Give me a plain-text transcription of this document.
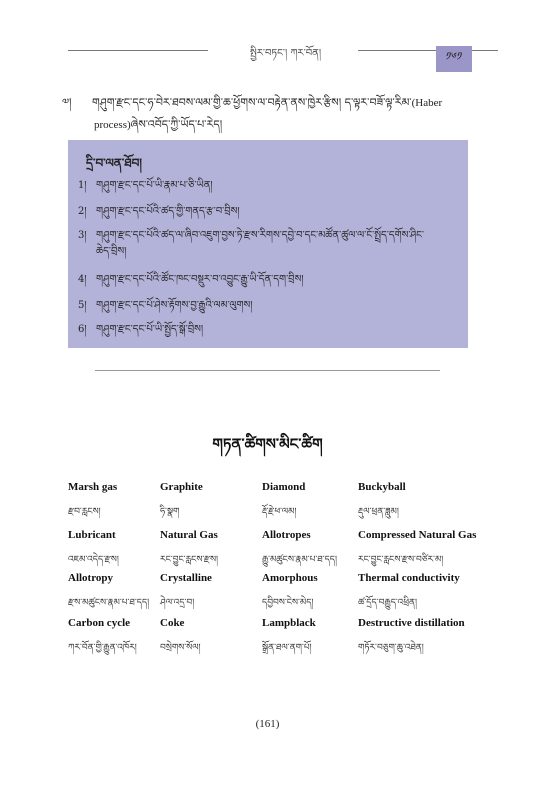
སྤྱིར་བཏང་། ཀར་བོན།	༡༦༡
༧། གཤུག་རྫང་དང་ཧ་བེར་ཐབས་ལམ་གྱི་ཆ་ཕྱོགས་ལ་བརྟེན་ནས་ཁྱེར་རྩིས། ད་ལྟར་བཟོ་ལྟ་རིམ་(Haber
process)ཞེས་འབོད་ཀྱི་ཡོད་པ་རེད།
དྲི་བ་ལན་ཐོབ།
1། གཤུག་རྫང་དང་པོ་ཡི་རྣམ་པ་ཅི་ཡིན།
2། གཤུག་རྫང་དང་པོའི་ཚད་གྱི་གནད་རྩ་བ་བྲིས།
3། གཤུག་རྫང་དང་པོའི་ཚད་ལ་ཞིབ་འཇུག་བྱས་ཏེ་རྫས་རིགས་དབྱེ་བ་དང་མཚོན་ཚུལ་ལ་ངོ་སྤྲོད་དགོས་ཤིང་
ཆེད་བྲིས།
4། གཤུག་རྫང་དང་པོའི་ཚོང་ཁང་བསྡུར་བ་འབྱུང་རྒྱུ་ཡི་དོན་དག་བྲིས།
5། གཤུག་རྫང་དང་པོ་ཤེས་རྟོགས་བྱ་རྒྱུའི་ལམ་ལུགས།
6། གཤུག་རྫང་དང་པོ་ཡི་སྤྱོད་སྒོ་བྲིས།
གཏན་ཚིགས་མིང་ཚིག
Marsh gas
རྫབ་རླངས།
Graphite
ཧི་སྣག
Diamond
རྡོ་རྗེ་ཕ་ལམ།
Buckyball
རྡུལ་ཕྲན་ཟླུམ།
Lubricant
འཇམ་འདེད་རྫས།
Natural Gas
རང་བྱུང་རླངས་རྫས།
Allotropes
རྒྱུ་མཚུངས་རྣམ་པ་ཐ་དད།
Compressed Natural Gas
རང་བྱུང་རླངས་རྫས་བཙིར་མ།
Allotropy
རྫས་མཚུངས་རྣམ་པ་ཐ་དད།
Crystalline
ཤེལ་འདྲ་བ།
Amorphous
དབྱིབས་ངེས་མེད།
Thermal conductivity
ཚ་དྲོད་བརྒྱུད་འཕྲིན།
Carbon cycle
ཀར་བོན་གྱི་རྒྱུན་འཁོར།
Coke
བསྲེགས་སོལ།
Lampblack
སྒྲོན་ཐལ་ནག་པོ།
Destructive distillation
གཏོར་བཅུག་ཆུ་འཐེན།
(161)
